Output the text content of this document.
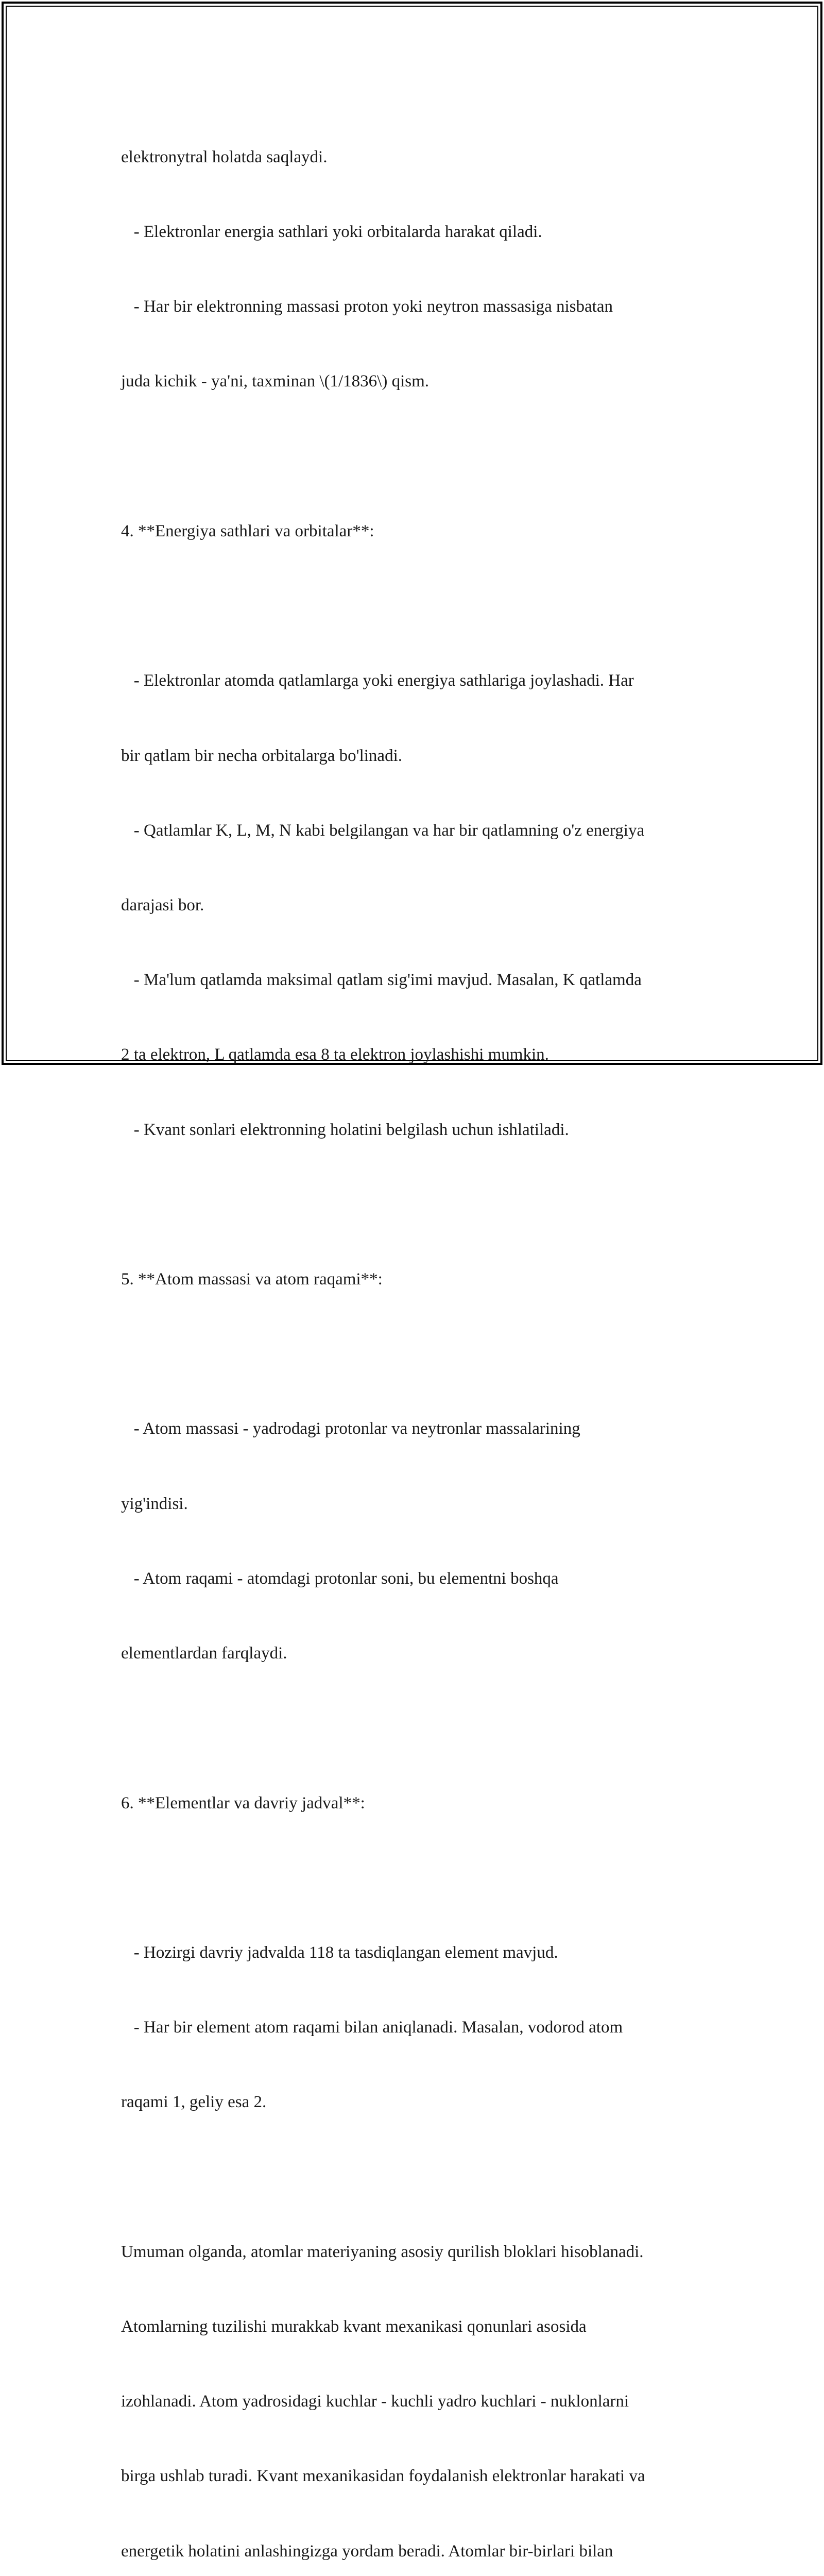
elektronytral holatda saqlaydi.

- Elektronlar energia sathlari yoki orbitalarda harakat qiladi.

- Har bir elektronning massasi proton yoki neytron massasiga nisbatan

juda kichik - ya'ni, taxminan \(1/1836\) qism.

4. **Energiya sathlari va orbitalar**:

- Elektronlar atomda qatlamlarga yoki energiya sathlariga joylashadi. Har

bir qatlam bir necha orbitalarga bo'linadi.

- Qatlamlar K, L, M, N kabi belgilangan va har bir qatlamning o'z energiya

darajasi bor.

- Ma'lum qatlamda maksimal qatlam sig'imi mavjud. Masalan, K qatlamda

2 ta elektron, L qatlamda esa 8 ta elektron joylashishi mumkin.

- Kvant sonlari elektronning holatini belgilash uchun ishlatiladi.

5. **Atom massasi va atom raqami**:

- Atom massasi - yadrodagi protonlar va neytronlar massalarining

yig'indisi.

- Atom raqami - atomdagi protonlar soni, bu elementni boshqa

elementlardan farqlaydi.

6. **Elementlar va davriy jadval**:

- Hozirgi davriy jadvalda 118 ta tasdiqlangan element mavjud.

- Har bir element atom raqami bilan aniqlanadi. Masalan, vodorod atom

raqami 1, geliy esa 2.

Umuman olganda, atomlar materiyaning asosiy qurilish bloklari hisoblanadi.

Atomlarning tuzilishi murakkab kvant mexanikasi qonunlari asosida

izohlanadi. Atom yadrosidagi kuchlar - kuchli yadro kuchlari - nuklonlarni

birga ushlab turadi. Kvant mexanikasidan foydalanish elektronlar harakati va

energetik holatini anlashingizga yordam beradi. Atomlar bir-birlari bilan
